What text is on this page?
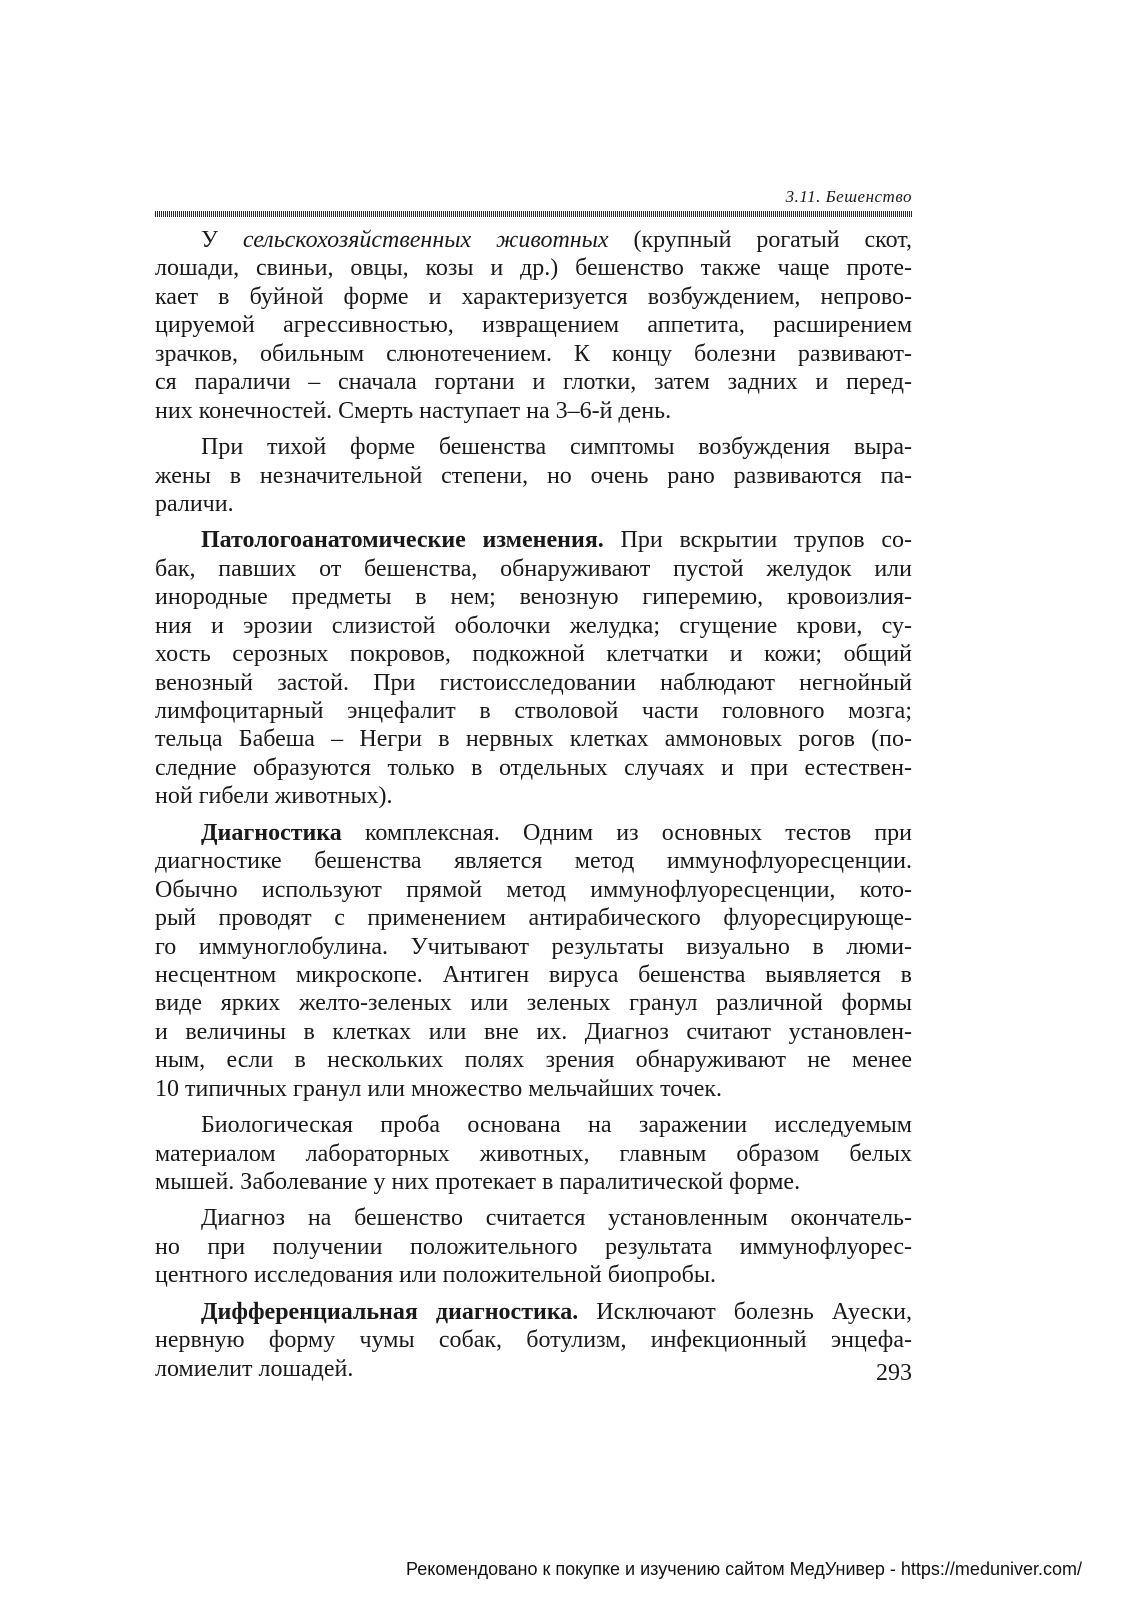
3.11. Бешенство
У сельскохозяйственных животных (крупный рогатый скот,
лошади, свиньи, овцы, козы и др.) бешенство также чаще проте-
кает в буйной форме и характеризуется возбуждением, непрово-
цируемой агрессивностью, извращением аппетита, расширением
зрачков, обильным слюнотечением. К концу болезни развивают-
ся параличи – сначала гортани и глотки, затем задних и перед-
них конечностей. Смерть наступает на 3–6-й день.
При тихой форме бешенства симптомы возбуждения выра-
жены в незначительной степени, но очень рано развиваются па-
раличи.
Патологоанатомические изменения. При вскрытии трупов со-
бак, павших от бешенства, обнаруживают пустой желудок или
инородные предметы в нем; венозную гиперемию, кровоизлия-
ния и эрозии слизистой оболочки желудка; сгущение крови, су-
хость серозных покровов, подкожной клетчатки и кожи; общий
венозный застой. При гистоисследовании наблюдают негнойный
лимфоцитарный энцефалит в стволовой части головного мозга;
тельца Бабеша – Негри в нервных клетках аммоновых рогов (по-
следние образуются только в отдельных случаях и при естествен-
ной гибели животных).
Диагностика комплексная. Одним из основных тестов при
диагностике бешенства является метод иммунофлуоресценции.
Обычно используют прямой метод иммунофлуоресценции, кото-
рый проводят с применением антирабического флуоресцирующе-
го иммуноглобулина. Учитывают результаты визуально в люми-
несцентном микроскопе. Антиген вируса бешенства выявляется в
виде ярких желто-зеленых или зеленых гранул различной формы
и величины в клетках или вне их. Диагноз считают установлен-
ным, если в нескольких полях зрения обнаруживают не менее
10 типичных гранул или множество мельчайших точек.
Биологическая проба основана на заражении исследуемым
материалом лабораторных животных, главным образом белых
мышей. Заболевание у них протекает в паралитической форме.
Диагноз на бешенство считается установленным окончатель-
но при получении положительного результата иммунофлуорес-
центного исследования или положительной биопробы.
Дифференциальная диагностика. Исключают болезнь Ауески,
нервную форму чумы собак, ботулизм, инфекционный энцефа-
ломиелит лошадей.	293
Рекомендовано к покупке и изучению сайтом МедУнивер - https://meduniver.com/
